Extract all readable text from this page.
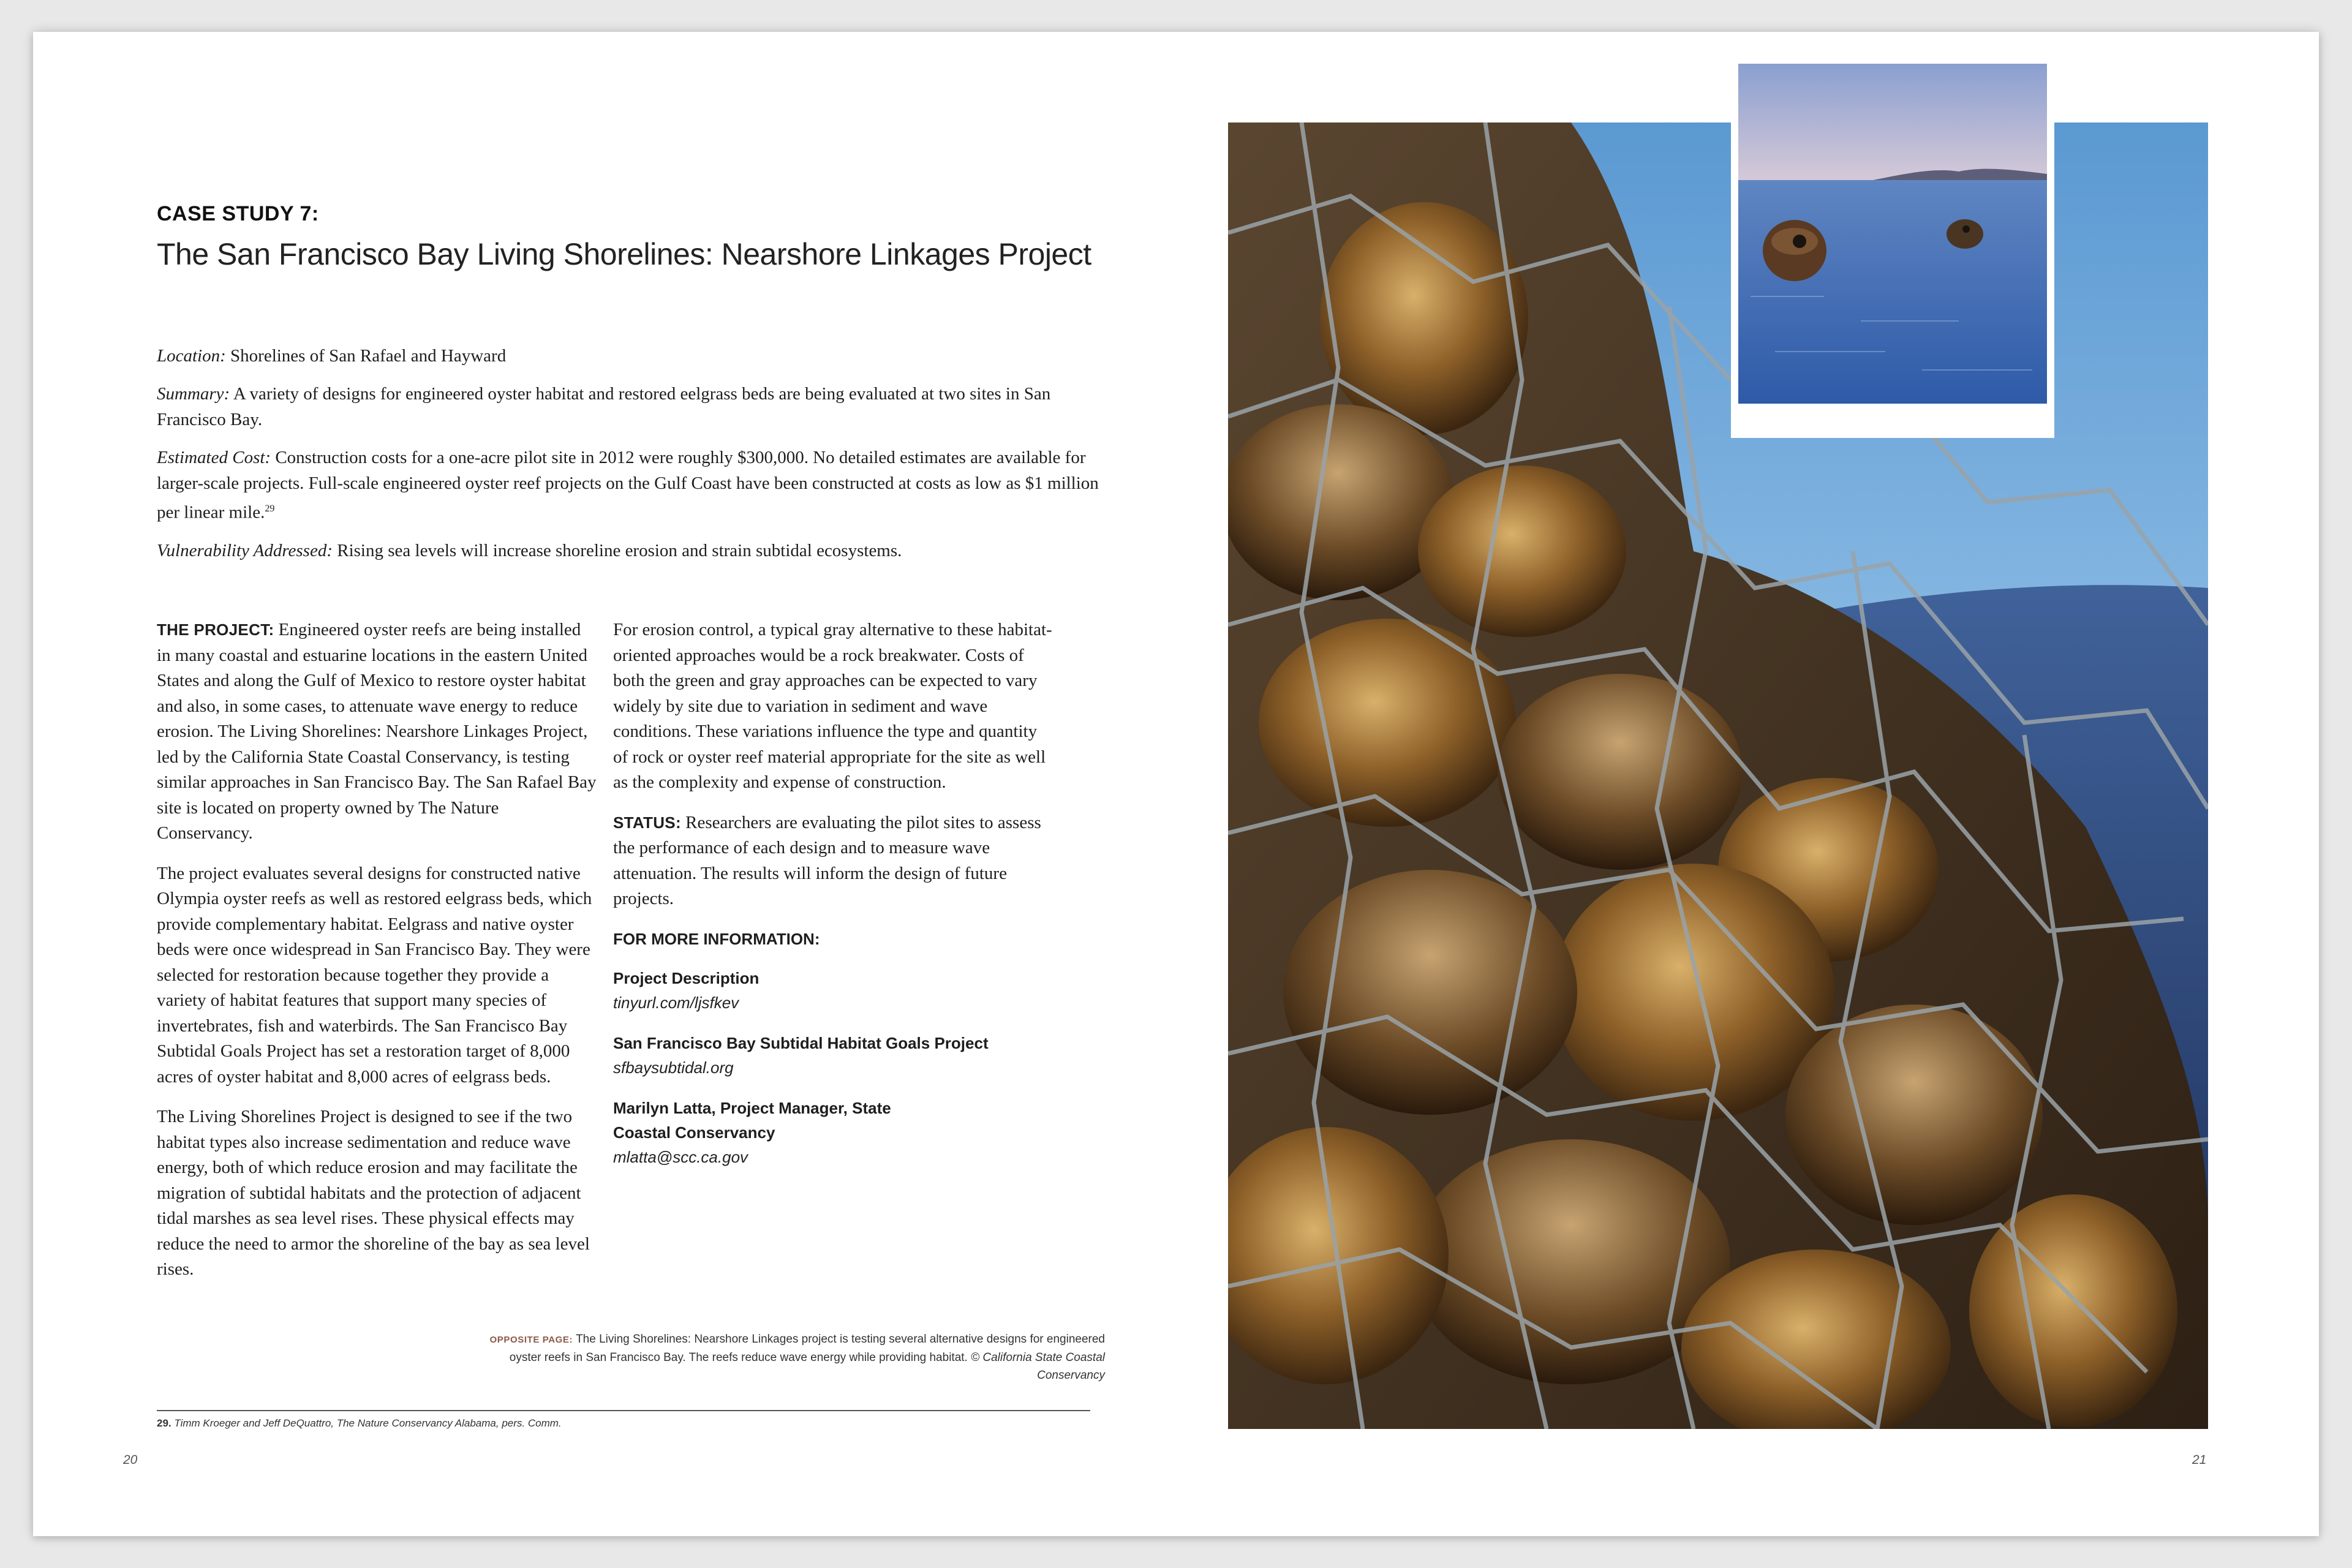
CASE STUDY 7:
The San Francisco Bay Living Shorelines: Nearshore Linkages Project

Location: Shorelines of San Rafael and Hayward

Summary: A variety of designs for engineered oyster habitat and restored eelgrass beds are being evaluated at two sites in San Francisco Bay.

Estimated Cost: Construction costs for a one-acre pilot site in 2012 were roughly $300,000. No detailed estimates are available for larger-scale projects. Full-scale engineered oyster reef projects on the Gulf Coast have been constructed at costs as low as $1 million per linear mile.$^{29}$

Vulnerability Addressed: Rising sea levels will increase shoreline erosion and strain subtidal ecosystems.

THE PROJECT: Engineered oyster reefs are being installed in many coastal and estuarine locations in the eastern United States and along the Gulf of Mexico to restore oyster habitat and also, in some cases, to attenuate wave energy to reduce erosion. The Living Shorelines: Nearshore Linkages Project, led by the California State Coastal Conservancy, is testing similar approaches in San Francisco Bay. The San Rafael Bay site is located on property owned by The Nature Conservancy.

The project evaluates several designs for constructed native Olympia oyster reefs as well as restored eelgrass beds, which provide complementary habitat. Eelgrass and native oyster beds were once widespread in San Francisco Bay. They were selected for restoration because together they provide a variety of habitat features that support many species of invertebrates, fish and waterbirds. The San Francisco Bay Subtidal Goals Project has set a restoration target of 8,000 acres of oyster habitat and 8,000 acres of eelgrass beds.

The Living Shorelines Project is designed to see if the two habitat types also increase sedimentation and reduce wave energy, both of which reduce erosion and may facilitate the migration of subtidal habitats and the protection of adjacent tidal marshes as sea level rises. These physical effects may reduce the need to armor the shoreline of the bay as sea level rises.

For erosion control, a typical gray alternative to these habitat-oriented approaches would be a rock breakwater. Costs of both the green and gray approaches can be expected to vary widely by site due to variation in sediment and wave conditions. These variations influence the type and quantity of rock or oyster reef material appropriate for the site as well as the complexity and expense of construction.

STATUS: Researchers are evaluating the pilot sites to assess the performance of each design and to measure wave attenuation. The results will inform the design of future projects.

FOR MORE INFORMATION:

Project Description
tinyurl.com/ljsfkev
San Francisco Bay Subtidal Habitat Goals Project
sfbaysubtidal.org
Marilyn Latta, Project Manager, State Coastal Conservancy
mlatta@scc.ca.gov
OPPOSITE PAGE: The Living Shorelines: Nearshore Linkages project is testing several alternative designs for engineered oyster reefs in San Francisco Bay. The reefs reduce wave energy while providing habitat. © California State Coastal Conservancy
29. Timm Kroeger and Jeff DeQuattro, The Nature Conservancy Alabama, pers. Comm.
20	21
